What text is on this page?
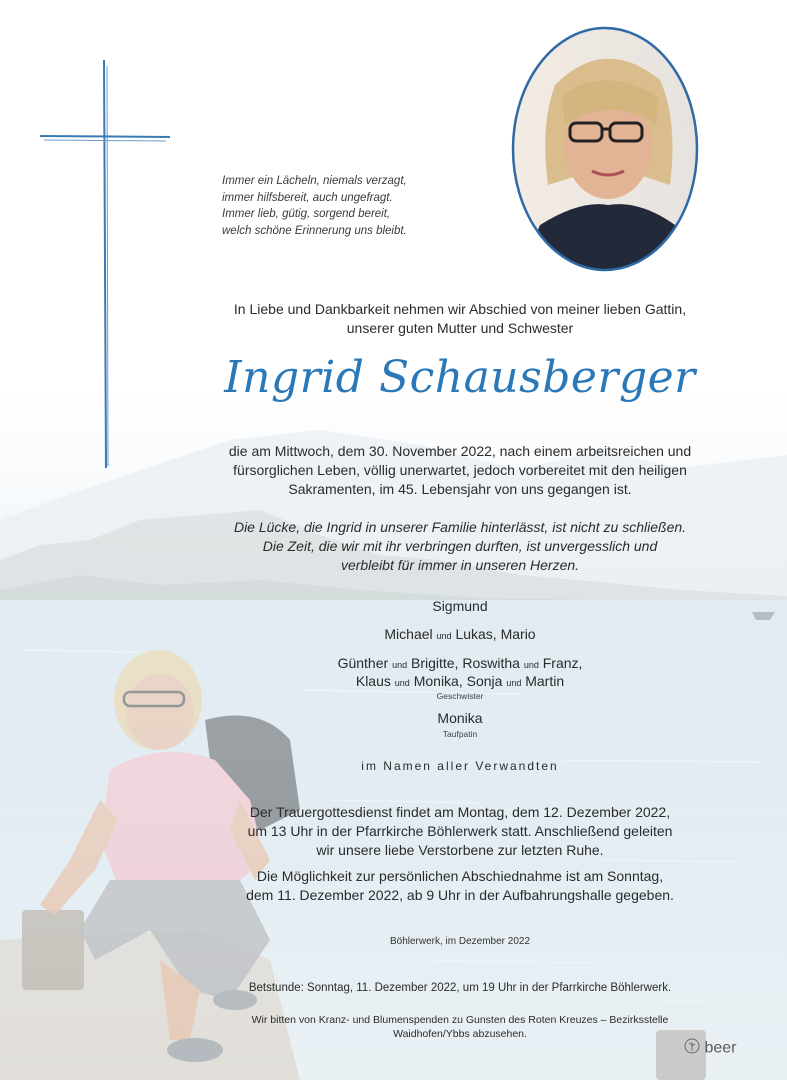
Immer ein Lächeln, niemals verzagt,
immer hilfsbereit, auch ungefragt.
Immer lieb, gütig, sorgend bereit,
welch schöne Erinnerung uns bleibt.
In Liebe und Dankbarkeit nehmen wir Abschied von meiner lieben Gattin,
unserer guten Mutter und Schwester
Ingrid Schausberger
die am Mittwoch, dem 30. November 2022, nach einem arbeitsreichen und
fürsorglichen Leben, völlig unerwartet, jedoch vorbereitet mit den heiligen
Sakramenten, im 45. Lebensjahr von uns gegangen ist.
Die Lücke, die Ingrid in unserer Familie hinterlässt, ist nicht zu schließen.
Die Zeit, die wir mit ihr verbringen durften, ist unvergesslich und
verbleibt für immer in unseren Herzen.
Sigmund
Michael und Lukas, Mario
Günther und Brigitte, Roswitha und Franz,
Klaus und Monika, Sonja und Martin
Geschwister
Monika
Taufpatin
im Namen aller Verwandten
Der Trauergottesdienst findet am Montag, dem 12. Dezember 2022,
um 13 Uhr in der Pfarrkirche Böhlerwerk statt. Anschließend geleiten
wir unsere liebe Verstorbene zur letzten Ruhe.
Die Möglichkeit zur persönlichen Abschiednahme ist am Sonntag,
dem 11. Dezember 2022, ab 9 Uhr in der Aufbahrungshalle gegeben.
Böhlerwerk, im Dezember 2022
Betstunde: Sonntag, 11. Dezember 2022, um 19 Uhr in der Pfarrkirche Böhlerwerk.
Wir bitten von Kranz- und Blumenspenden zu Gunsten des Roten Kreuzes – Bezirksstelle
Waidhofen/Ybbs abzusehen.
beer
